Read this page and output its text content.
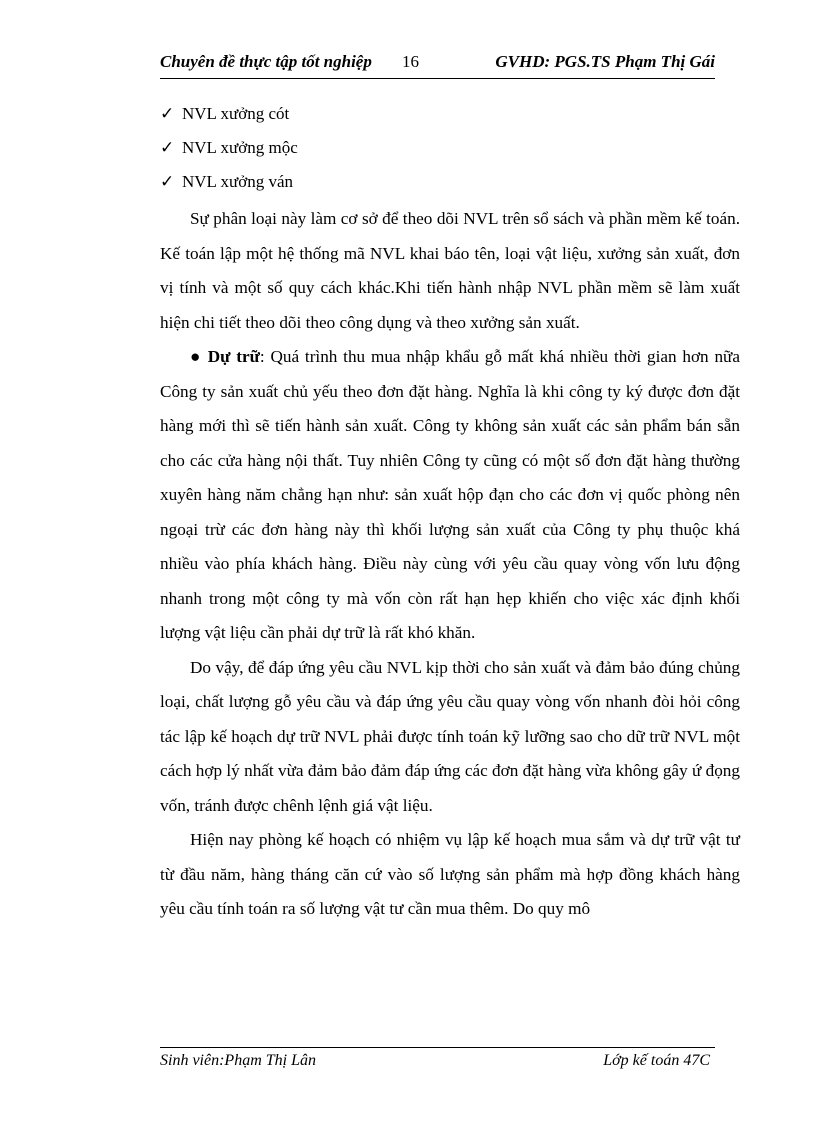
Chuyên đề thực tập tốt nghiệp 16	GVHD: PGS.TS Phạm Thị Gái
✓ NVL xưởng cót
✓ NVL xưởng mộc
✓ NVL xưởng ván

Sự phân loại này làm cơ sở để theo dõi NVL trên sổ sách và phần mềm kế toán. Kế toán lập một hệ thống mã NVL khai báo tên, loại vật liệu, xưởng sản xuất, đơn vị tính và một số quy cách khác.Khi tiến hành nhập NVL phần mềm sẽ làm xuất hiện chi tiết theo dõi theo công dụng và theo xưởng sản xuất.

● Dự trữ: Quá trình thu mua nhập khẩu gỗ mất khá nhiều thời gian hơn nữa Công ty sản xuất chủ yếu theo đơn đặt hàng. Nghĩa là khi công ty ký được đơn đặt hàng mới thì sẽ tiến hành sản xuất. Công ty không sản xuất các sản phẩm bán sẵn cho các cửa hàng nội thất. Tuy nhiên Công ty cũng có một số đơn đặt hàng thường xuyên hàng năm chẳng hạn như: sản xuất hộp đạn cho các đơn vị quốc phòng nên ngoại trừ các đơn hàng này thì khối lượng sản xuất của Công ty phụ thuộc khá nhiều vào phía khách hàng. Điều này cùng với yêu cầu quay vòng vốn lưu động nhanh trong một công ty mà vốn còn rất hạn hẹp khiến cho việc xác định khối lượng vật liệu cần phải dự trữ là rất khó khăn.

Do vậy, để đáp ứng yêu cầu NVL kịp thời cho sản xuất và đảm bảo đúng chủng loại, chất lượng gỗ yêu cầu và đáp ứng yêu cầu quay vòng vốn nhanh đòi hỏi công tác lập kế hoạch dự trữ NVL phải được tính toán kỹ lưỡng sao cho dữ trữ NVL một cách hợp lý nhất vừa đảm bảo đảm đáp ứng các đơn đặt hàng vừa không gây ứ đọng vốn, tránh được chênh lệnh giá vật liệu.

Hiện nay phòng kế hoạch có nhiệm vụ lập kế hoạch mua sắm và dự trữ vật tư từ đầu năm, hàng tháng căn cứ vào số lượng sản phẩm mà hợp đồng khách hàng yêu cầu tính toán ra số lượng vật tư cần mua thêm. Do quy mô

Sinh viên:Phạm Thị Lân	Lớp kế toán 47C
